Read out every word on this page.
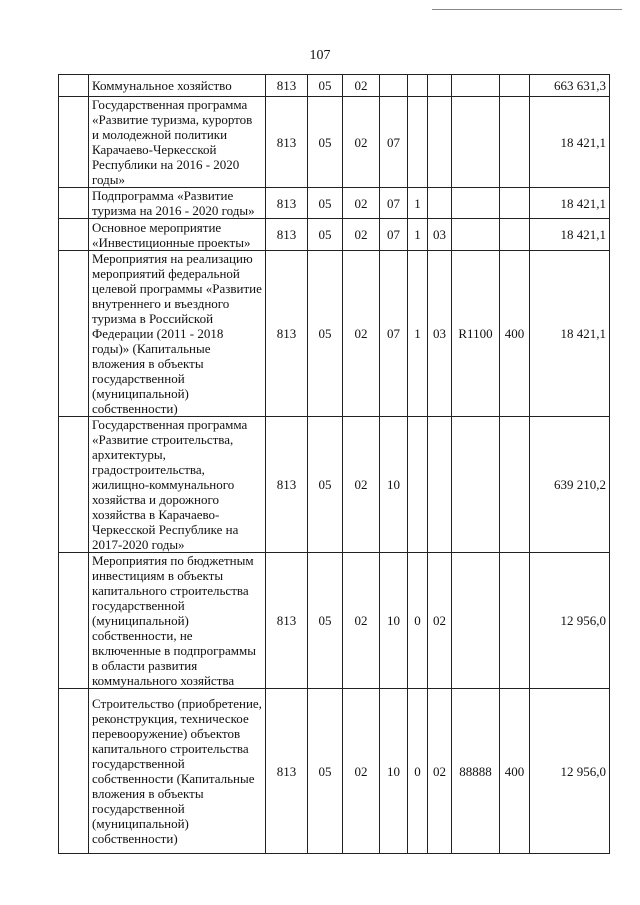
107
	Коммунальное хозяйство	813	05	02						663 631,3
	Государственная программа «Развитие туризма, курортов и молодежной политики Карачаево-Черкесской Республики на 2016 - 2020 годы»	813	05	02	07					18 421,1
	Подпрограмма «Развитие туризма на 2016 - 2020 годы»	813	05	02	07	1				18 421,1
	Основное мероприятие «Инвестиционные проекты»	813	05	02	07	1	03			18 421,1
	Мероприятия на реализацию мероприятий федеральной целевой программы «Развитие внутреннего и въездного туризма в Российской Федерации (2011 - 2018 годы)» (Капитальные вложения в объекты государственной (муниципальной) собственности)	813	05	02	07	1	03	R1100	400	18 421,1
	Государственная программа «Развитие строительства, архитектуры, градостроительства, жилищно-коммунального хозяйства и дорожного хозяйства в Карачаево-Черкесской Республике на 2017-2020 годы»	813	05	02	10					639 210,2
	Мероприятия по бюджетным инвестициям в объекты капитального строительства государственной (муниципальной) собственности, не включенные в подпрограммы в области развития коммунального хозяйства	813	05	02	10	0	02			12 956,0
	Строительство (приобретение, реконструкция, техническое перевооружение) объектов капитального строительства государственной собственности (Капитальные вложения в объекты государственной (муниципальной) собственности)	813	05	02	10	0	02	88888	400	12 956,0
